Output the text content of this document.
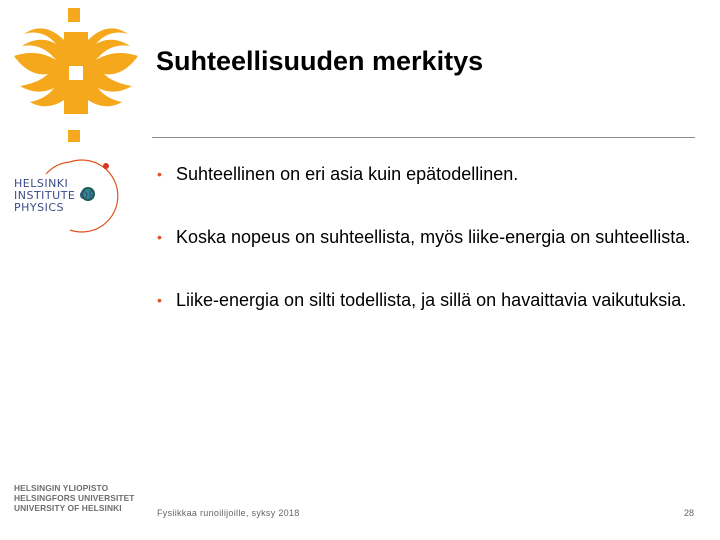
HELSINKI
INSTITUTE OF
PHYSICS
HELSINGIN YLIOPISTO
HELSINGFORS UNIVERSITET
UNIVERSITY OF HELSINKI
Suhteellisuuden merkitys
• Suhteellinen on eri asia kuin epätodellinen.
• Koska nopeus on suhteellista, myös liike-energia on suhteellista.
• Liike-energia on silti todellista, ja sillä on havaittavia vaikutuksia.
Fysiikkaa runoilijoille, syksy 2018	28
